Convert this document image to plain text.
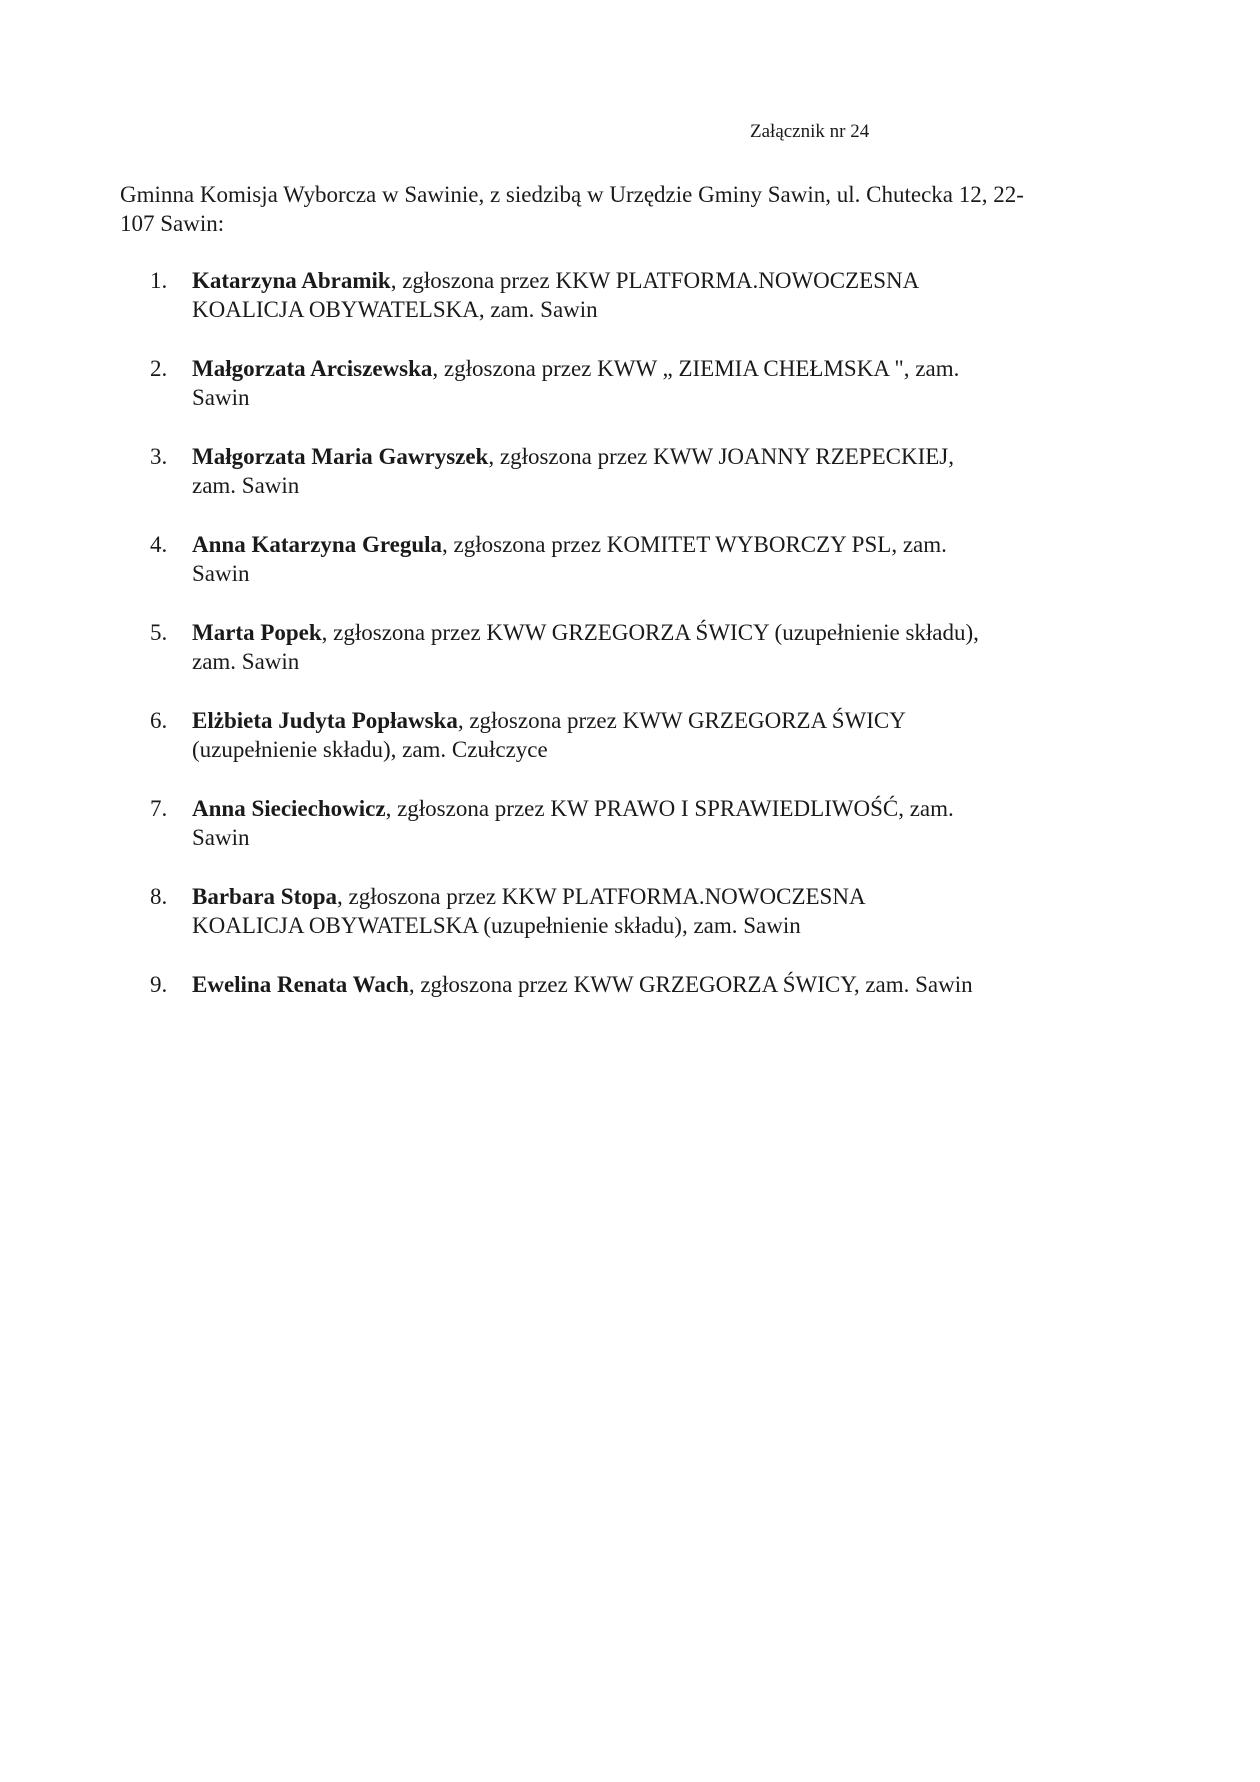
Załącznik nr 24
Gminna Komisja Wyborcza w Sawinie, z siedzibą w Urzędzie Gminy Sawin, ul. Chutecka 12, 22-
107 Sawin:
1. Katarzyna Abramik, zgłoszona przez KKW PLATFORMA.NOWOCZESNA
KOALICJA OBYWATELSKA, zam. Sawin
2. Małgorzata Arciszewska, zgłoszona przez KWW „ ZIEMIA CHEŁMSKA ", zam.
Sawin
3. Małgorzata Maria Gawryszek, zgłoszona przez KWW JOANNY RZEPECKIEJ,
zam. Sawin
4. Anna Katarzyna Gregula, zgłoszona przez KOMITET WYBORCZY PSL, zam.
Sawin
5. Marta Popek, zgłoszona przez KWW GRZEGORZA ŚWICY (uzupełnienie składu),
zam. Sawin
6. Elżbieta Judyta Popławska, zgłoszona przez KWW GRZEGORZA ŚWICY
(uzupełnienie składu), zam. Czułczyce
7. Anna Sieciechowicz, zgłoszona przez KW PRAWO I SPRAWIEDLIWOŚĆ, zam.
Sawin
8. Barbara Stopa, zgłoszona przez KKW PLATFORMA.NOWOCZESNA
KOALICJA OBYWATELSKA (uzupełnienie składu), zam. Sawin
9. Ewelina Renata Wach, zgłoszona przez KWW GRZEGORZA ŚWICY, zam. Sawin
